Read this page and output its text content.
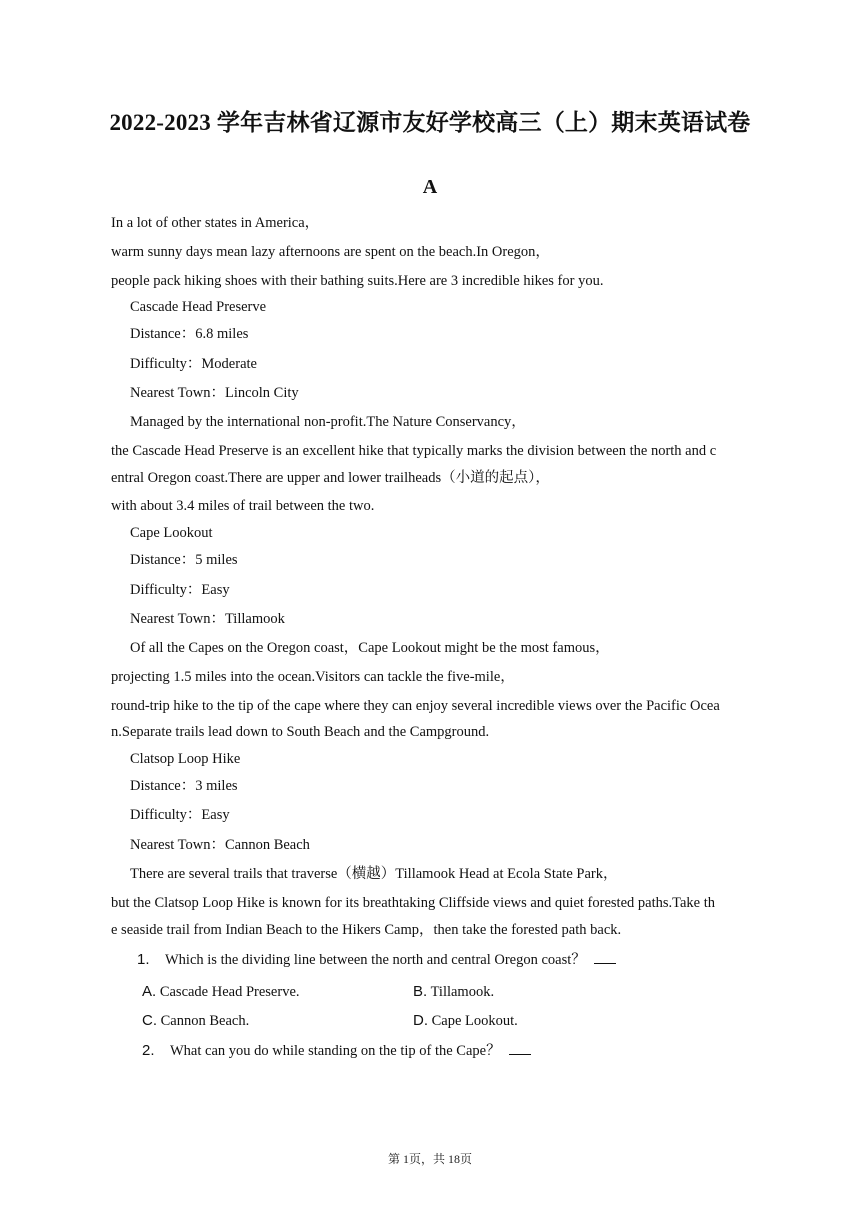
2022-2023 学年吉林省辽源市友好学校高三（上）期末英语试卷
A
In a lot of other states in America，
warm sunny days mean lazy afternoons are spent on the beach.In Oregon，
people pack hiking shoes with their bathing suits.Here are 3 incredible hikes for you.
Cascade Head Preserve
Distance：6.8 miles
Difficulty：Moderate
Nearest Town：Lincoln City
Managed by the international non-profit.The Nature Conservancy，
the Cascade Head Preserve is an excellent hike that typically marks the division between the north and c
entral Oregon coast.There are upper and lower trailheads（小道的起点），
with about 3.4 miles of trail between the two.
Cape Lookout
Distance：5 miles
Difficulty：Easy
Nearest Town：Tillamook
Of all the Capes on the Oregon coast，Cape Lookout might be the most famous，
projecting 1.5 miles into the ocean.Visitors can tackle the five-mile，
round-trip hike to the tip of the cape where they can enjoy several incredible views over the Pacific Ocea
n.Separate trails lead down to South Beach and the Campground.
Clatsop Loop Hike
Distance：3 miles
Difficulty：Easy
Nearest Town：Cannon Beach
There are several trails that traverse（横越）Tillamook Head at Ecola State Park，
but the Clatsop Loop Hike is known for its breathtaking Cliffside views and quiet forested paths.Take th
e seaside trail from Indian Beach to the Hikers Camp，then take the forested path back.
1. Which is the dividing line between the north and central Oregon coast？
A. Cascade Head Preserve.	B. Tillamook.
C. Cannon Beach.	D. Cape Lookout.
2. What can you do while standing on the tip of the Cape？
第 1页，共 18页
